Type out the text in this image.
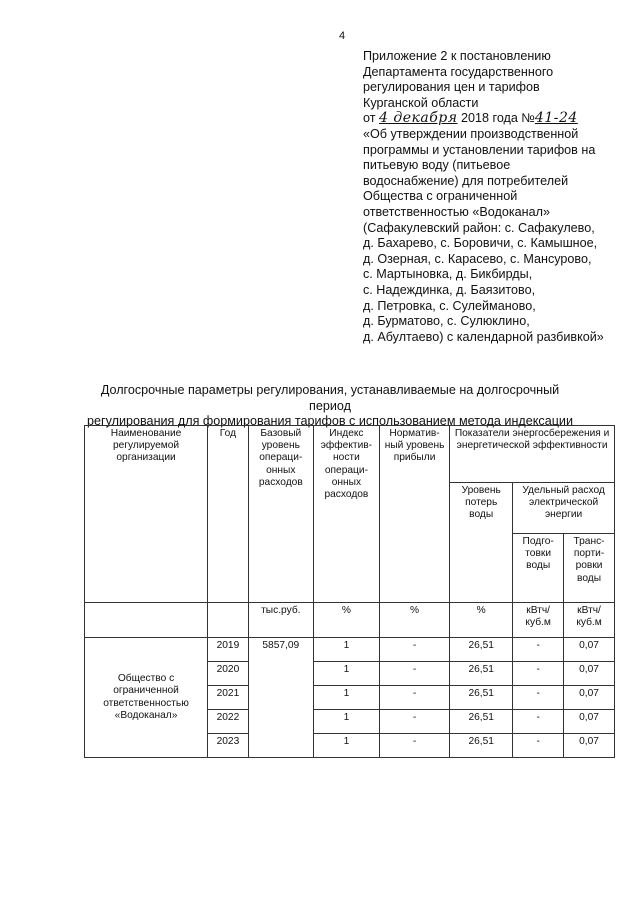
4
Приложение 2 к постановлению
Департамента государственного
регулирования цен и тарифов
Курганской области
от 4 декабря 2018 года №41-24
«Об утверждении производственной
программы и установлении тарифов на
питьевую воду (питьевое
водоснабжение) для потребителей
Общества с ограниченной
ответственностью «Водоканал»
(Сафакулевский район: с. Сафакулево,
д. Бахарево, с. Боровичи, с. Камышное,
д. Озерная, с. Карасево, с. Мансурово,
с. Мартыновка, д. Бикбирды,
с. Надеждинка, д. Баязитово,
д. Петровка, с. Сулейманово,
д. Бурматово, с. Сулюклино,
д. Абултаево) с календарной разбивкой»
Долгосрочные параметры регулирования, устанавливаемые на долгосрочный период
регулирования для формирования тарифов с использованием метода индексации
Наименование регулируемой организации	Год	Базовый уровень операци-онных расходов	Индекс эффектив-ности операци-онных расходов	Норматив-ный уровень прибыли	Показатели энергосбережения и энергетической эффективности		
					Уровень потерь воды	Удельный расход электрической энергии	
						Подго-товки воды	Транс-порти-ровки воды
		тыс.руб.	%	%	%	кВтч/ куб.м	кВтч/ куб.м
Общество с ограниченной ответственностью «Водоканал»	2019	5857,09	1	-	26,51	-	0,07
	2020		1	-	26,51	-	0,07
	2021		1	-	26,51	-	0,07
	2022		1	-	26,51	-	0,07
	2023		1	-	26,51	-	0,07
